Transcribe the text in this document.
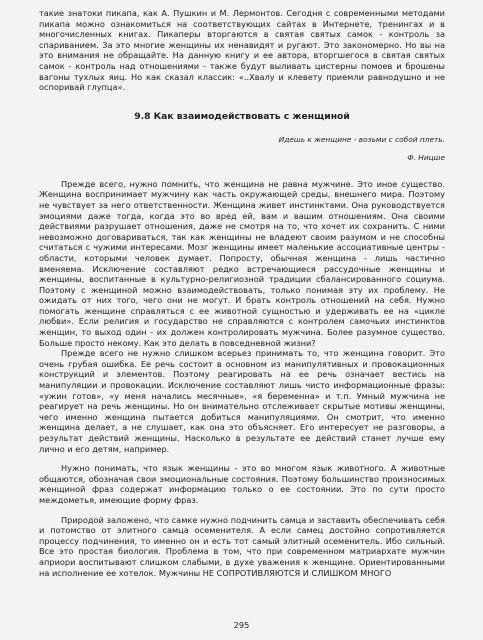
такие знатоки пикапа, как А. Пушкин и М. Лермонтов. Сегодня с современными методами пикапа можно ознакомиться на соответствующих сайтах в Интернете, тренингах и в многочисленных книгах. Пикаперы вторгаются в святая святых самок - контроль за спариванием. За это многие женщины их ненавидят и ругают. Это закономерно. Но вы на это внимания не обращайте. На данную книгу и ее автора, вторгшегося в святая святых самок - контроль над отношениями - также будут выливать цистерны помоев и брошены вагоны тухлых яиц. Но как сказал классик: «..Хвалу и клевету приемли равнодушно и не оспоривай глупца».

9.8 Как взаимодействовать с женщиной

Идешь к женщине - возьми с собой плеть.

Ф. Ницше

Прежде всего, нужно помнить, что женщина не равна мужчине. Это иное существо. Женщина воспринимает мужчину как часть окружающей среды, внешнего мира. Поэтому не чувствует за него ответственности. Женщина живет инстинктами. Она руководствуется эмоциями даже тогда, когда это во вред ей, вам и вашим отношениям. Она своими действиями разрушает отношения, даже не смотря на то, что хочет их сохранить. С ними невозможно договариваться, так как женщины не владеют своим разумом и не способны считаться с чужими интересами. Мозг женщины имеет маленькие ассоциативные центры - области, которыми человек думает. Попросту, обычная женщина - лишь частично вменяема. Исключение составляют редко встречающиеся рассудочные женщины и женщины, воспитанные в культурно-религиозной традиции сбалансированного социума. Поэтому с женщиной можно взаимодействовать, только понимая эту их проблему. Не ожидать от них того, чего они не могут. И брать контроль отношений на себя. Нужно помогать женщине справляться с ее животной сущностью и удерживать ее на «цикле любви». Если религия и государство не справляются с контролем самочьих инстинктов женщин, то выход один - их должен контролировать мужчина. Более разумное существо. Больше просто некому. Как это делать в повседневной жизни?

Прежде всего не нужно слишком всерьез принимать то, что женщина говорит. Это очень грубая ошибка. Ее речь состоит в основном из манипулятивных и провокационных конструкций и элементов. Поэтому реагировать на ее речь означает вестись на манипуляции и провокации. Исключение составляют лишь чисто информационные фразы: «ужин готов», «у меня начались месячные», «я беременна» и т.п. Умный мужчина не реагирует на речь женщины. Но он внимательно отслеживает скрытые мотивы женщины, чего именно женщина пытается добиться манипуляциями. Он смотрит, что именно женщина делает, а не слушает, как она это объясняет. Его интересует не разговоры, а результат действий женщины. Насколько в результате ее действий станет лучше ему лично и его детям, например.

Нужно понимать, что язык женщины - это во многом язык животного. А животные общаются, обозначая свои эмоциональные состояния. Поэтому большинство произносимых женщиной фраз содержат информацию только о ее состоянии. Это по сути просто междометья, имеющие форму фраз.

Природой заложено, что самке нужно подчинить самца и заставить обеспечивать себя и потомство от элитного самца осеменителя. А если самец достойно сопротивляется процессу подчинения, то именно он и есть тот самый элитный осеменитель. Ибо сильный. Все это простая биология. Проблема в том, что при современном матриархате мужчин априори воспитывают слишком слабыми, в духе уважения к женщине. Ориентированными на исполнение ее хотелок. Мужчины НЕ СОПРОТИВЛЯЮТСЯ И СЛИШКОМ МНОГО

295
